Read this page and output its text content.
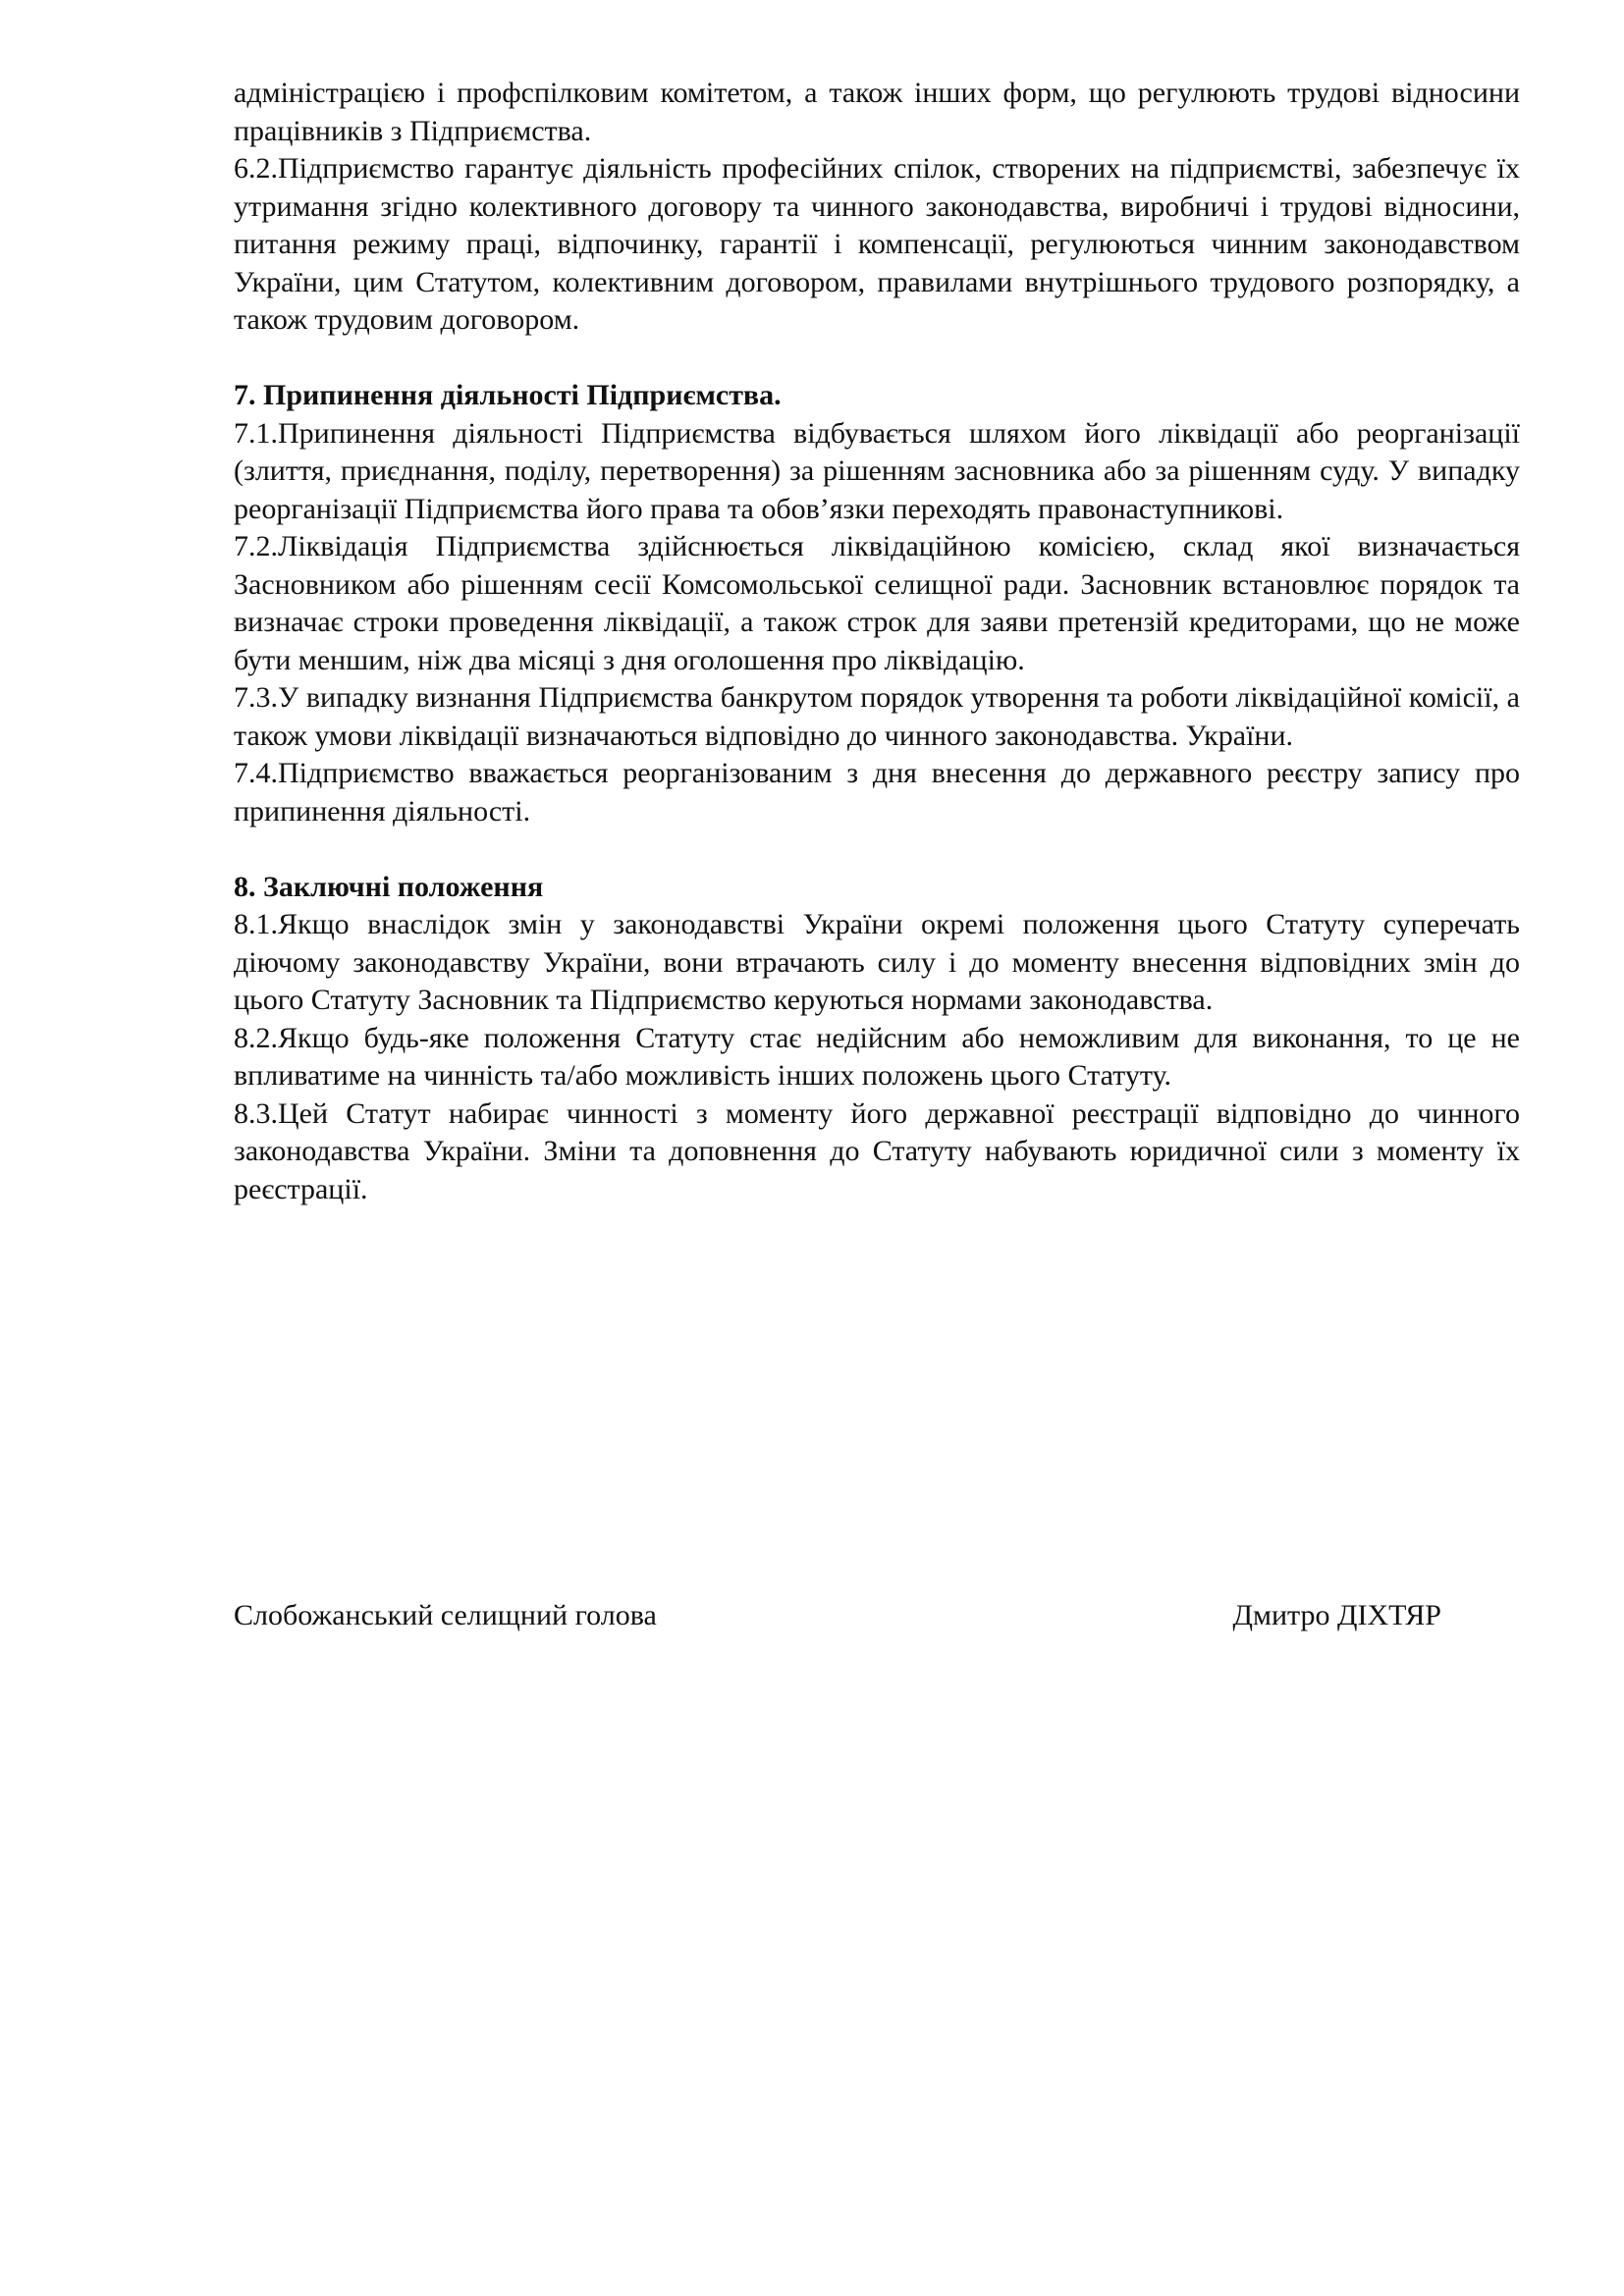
адміністрацією і профспілковим комітетом, а також інших форм, що регулюють трудові відносини працівників з Підприємства.

6.2.Підприємство гарантує діяльність професійних спілок, створених на підприємстві, забезпечує їх утримання згідно колективного договору та чинного законодавства, виробничі і трудові відносини, питання режиму праці, відпочинку, гарантії і компенсації, регулюються чинним законодавством України, цим Статутом, колективним договором, правилами внутрішнього трудового розпорядку, а також трудовим договором.

7. Припинення діяльності Підприємства.

7.1.Припинення діяльності Підприємства відбувається шляхом його ліквідації або реорганізації (злиття, приєднання, поділу, перетворення) за рішенням засновника або за рішенням суду. У випадку реорганізації Підприємства його права та обов’язки переходять правонаступникові.

7.2.Ліквідація Підприємства здійснюється ліквідаційною комісією, склад якої визначається Засновником або рішенням сесії Комсомольської селищної ради. Засновник встановлює порядок та визначає строки проведення ліквідації, а також строк для заяви претензій кредиторами, що не може бути меншим, ніж два місяці з дня оголошення про ліквідацію.

7.3.У випадку визнання Підприємства банкрутом порядок утворення та роботи ліквідаційної комісії, а також умови ліквідації визначаються відповідно до чинного законодавства. України.

7.4.Підприємство вважається реорганізованим з дня внесення до державного реєстру запису про припинення діяльності.

8. Заключні положення

8.1.Якщо внаслідок змін у законодавстві України окремі положення цього Статуту суперечать діючому законодавству України, вони втрачають силу і до моменту внесення відповідних змін до цього Статуту Засновник та Підприємство керуються нормами законодавства.

8.2.Якщо будь-яке положення Статуту стає недійсним або неможливим для виконання, то це не впливатиме на чинність та/або можливість інших положень цього Статуту.

8.3.Цей Статут набирає чинності з моменту його державної реєстрації відповідно до чинного законодавства України. Зміни та доповнення до Статуту набувають юридичної сили з моменту їх реєстрації.

Слобожанський селищний голова	Дмитро ДІХТЯР
